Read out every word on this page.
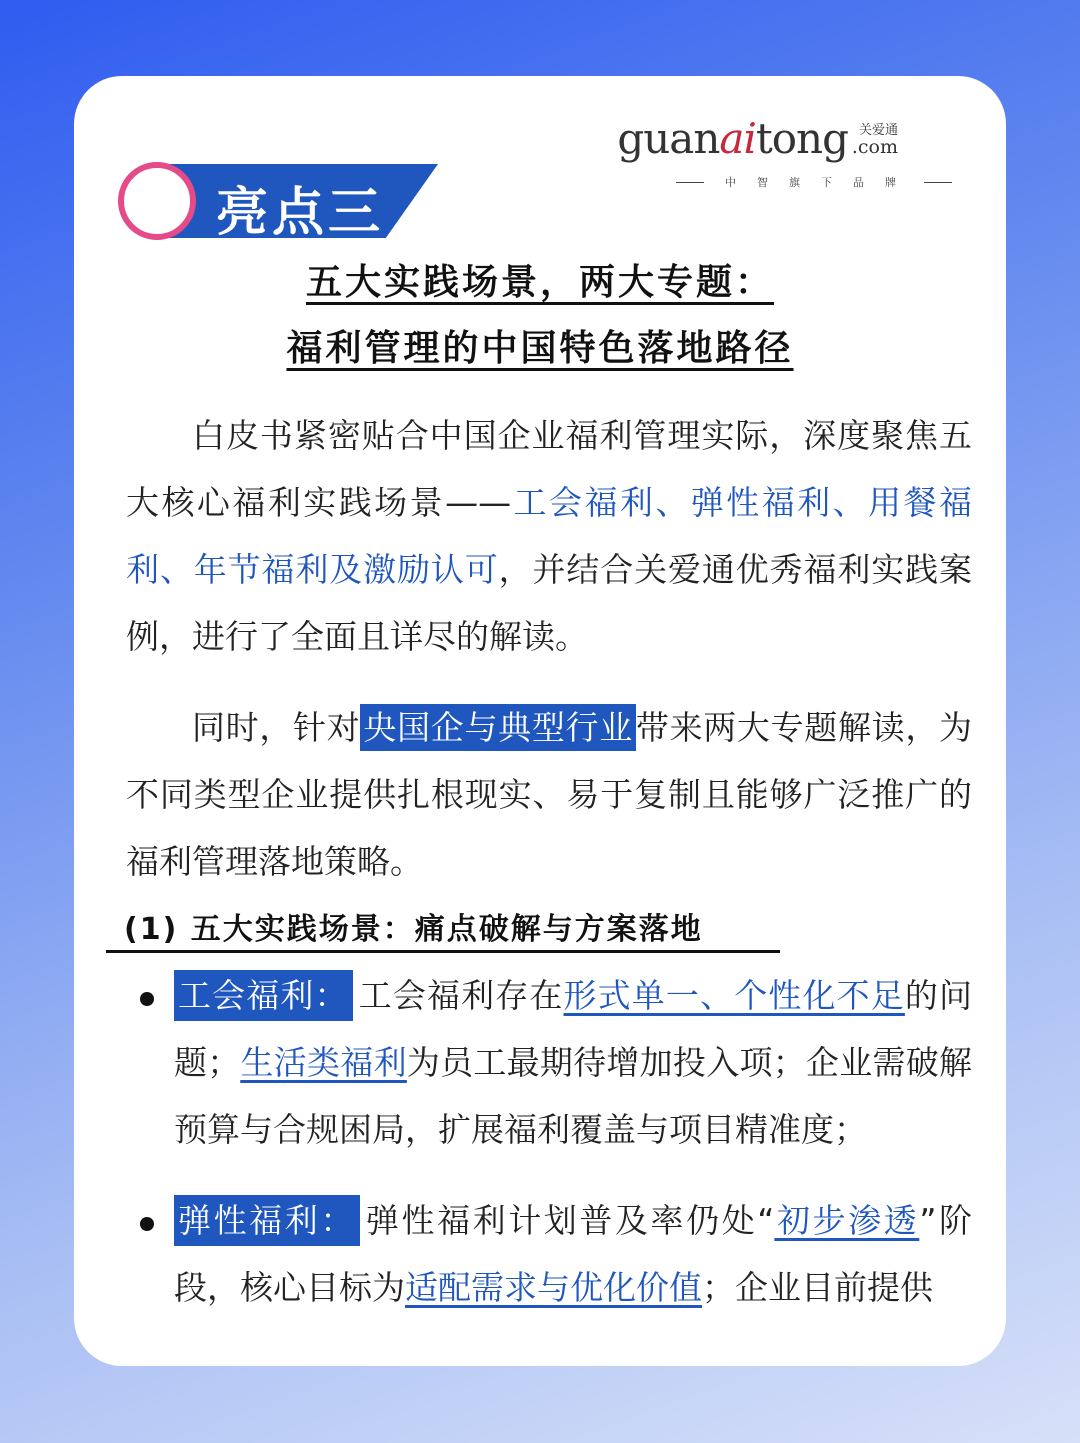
guanaitong 关爱通
.com
中智旗下品牌
亮点三
五大实践场景，两大专题：
福利管理的中国特色落地路径

白皮书紧密贴合中国企业福利管理实际，深度聚焦五大核心福利实践场景——工会福利、弹性福利、用餐福利、年节福利及激励认可，并结合关爱通优秀福利实践案例，进行了全面且详尽的解读。

同时，针对央国企与典型行业带来两大专题解读，为不同类型企业提供扎根现实、易于复制且能够广泛推广的福利管理落地策略。

(1) 五大实践场景：痛点破解与方案落地

工会福利： 工会福利存在形式单一、个性化不足的问题；生活类福利为员工最期待增加投入项；企业需破解预算与合规困局，扩展福利覆盖与项目精准度；

弹性福利： 弹性福利计划普及率仍处“初步渗透”阶段，核心目标为适配需求与优化价值；企业目前提供
